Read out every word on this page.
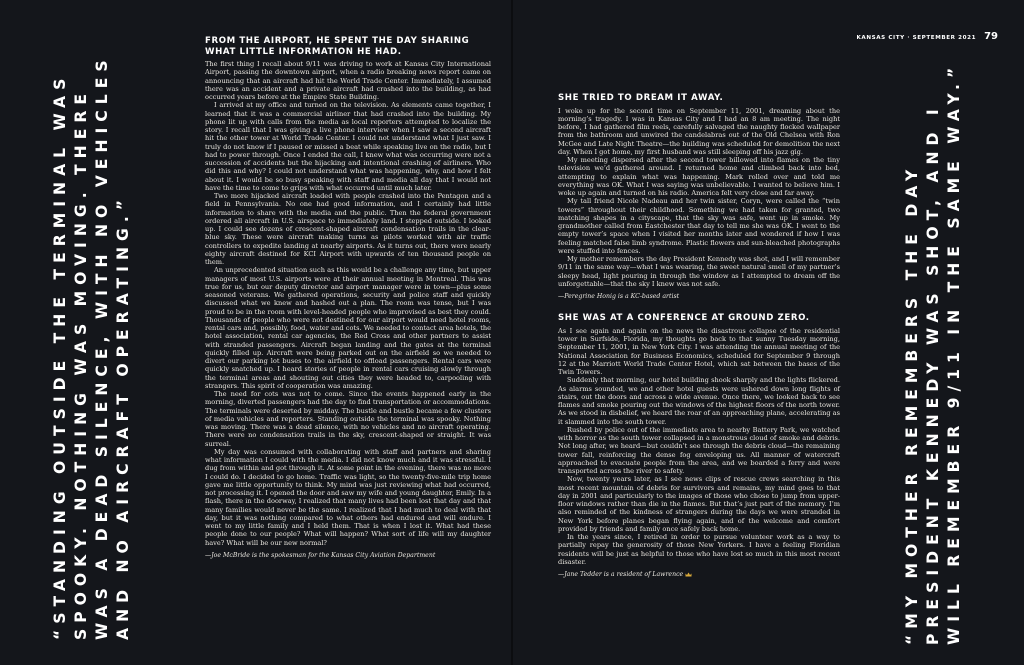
“STANDING OUTSIDE THE TERMINAL WAS SPOOKY. NOTHING WAS MOVING. THERE WAS A DEAD SILENCE, WITH NO VEHICLES AND NO AIRCRAFT OPERATING.”
FROM THE AIRPORT, HE SPENT THE DAY SHARING WHAT LITTLE INFORMATION HE HAD.

The first thing I recall about 9/11 was driving to work at Kansas City International Airport, passing the downtown airport, when a radio breaking news report came on announcing that an aircraft had hit the World Trade Center. Immediately, I assumed there was an accident and a private aircraft had crashed into the building, as had occurred years before at the Empire State Building.

I arrived at my office and turned on the television. As elements came together, I learned that it was a commercial airliner that had crashed into the building. My phone lit up with calls from the media as local reporters attempted to localize the story. I recall that I was giving a live phone interview when I saw a second aircraft hit the other tower at World Trade Center. I could not understand what I just saw. I truly do not know if I paused or missed a beat while speaking live on the radio, but I had to power through. Once I ended the call, I knew what was occurring were not a succession of accidents but the hijacking and intentional crashing of airliners. Who did this and why? I could not understand what was happening, why, and how I felt about it. I would be so busy speaking with staff and media all day that I would not have the time to come to grips with what occurred until much later.

Two more hijacked aircraft loaded with people crashed into the Pentagon and a field in Pennsylvania. No one had good information, and I certainly had little information to share with the media and the public. Then the federal government ordered all aircraft in U.S. airspace to immediately land. I stepped outside. I looked up. I could see dozens of crescent-shaped aircraft condensation trails in the clear-blue sky. These were aircraft making turns as pilots worked with air traffic controllers to expedite landing at nearby airports. As it turns out, there were nearly eighty aircraft destined for KCI Airport with upwards of ten thousand people on them.

An unprecedented situation such as this would be a challenge any time, but upper managers of most U.S. airports were at their annual meeting in Montreal. This was true for us, but our deputy director and airport manager were in town—plus some seasoned veterans. We gathered operations, security and police staff and quickly discussed what we knew and hashed out a plan. The room was tense, but I was proud to be in the room with level-headed people who improvised as best they could. Thousands of people who were not destined for our airport would need hotel rooms, rental cars and, possibly, food, water and cots. We needed to contact area hotels, the hotel association, rental car agencies, the Red Cross and other partners to assist with stranded passengers. Aircraft began landing and the gates at the terminal quickly filled up. Aircraft were being parked out on the airfield so we needed to divert our parking lot buses to the airfield to offload passengers. Rental cars were quickly snatched up. I heard stories of people in rental cars cruising slowly through the terminal areas and shouting out cities they were headed to, carpooling with strangers. This spirit of cooperation was amazing.

The need for cots was not to come. Since the events happened early in the morning, diverted passengers had the day to find transportation or accommodations. The terminals were deserted by midday. The bustle and bustle became a few clusters of media vehicles and reporters. Standing outside the terminal was spooky. Nothing was moving. There was a dead silence, with no vehicles and no aircraft operating. There were no condensation trails in the sky, crescent-shaped or straight. It was surreal.

My day was consumed with collaborating with staff and partners and sharing what information I could with the media. I did not know much and it was stressful. I dug from within and got through it. At some point in the evening, there was no more I could do. I decided to go home. Traffic was light, so the twenty-five-mile trip home gave me little opportunity to think. My mind was just reviewing what had occurred, not processing it. I opened the door and saw my wife and young daughter, Emily. In a flash, there in the doorway, I realized that many lives had been lost that day and that many families would never be the same. I realized that I had much to deal with that day, but it was nothing compared to what others had endured and will endure. I went to my little family and I held them. That is when I lost it. What had these people done to our people? What will happen? What sort of life will my daughter have? What will be our new normal?

—Joe McBride is the spokesman for the Kansas City Aviation Department

SHE TRIED TO DREAM IT AWAY.

I woke up for the second time on September 11, 2001, dreaming about the morning’s tragedy. I was in Kansas City and I had an 8 am meeting. The night before, I had gathered film reels, carefully salvaged the naughty flocked wallpaper from the bathroom and unwired the candelabras out of the Old Chelsea with Ron McGee and Late Night Theatre—the building was scheduled for demolition the next day. When I got home, my first husband was still sleeping off his jazz gig.

My meeting dispersed after the second tower billowed into flames on the tiny television we’d gathered around. I returned home and climbed back into bed, attempting to explain what was happening. Mark rolled over and told me everything was OK. What I was saying was unbelievable. I wanted to believe him. I woke up again and turned on his radio. America felt very close and far away.

My tall friend Nicole Nadeau and her twin sister, Coryn, were called the “twin towers” throughout their childhood. Something we had taken for granted, two matching shapes in a cityscape, that the sky was safe, went up in smoke. My grandmother called from Eastchester that day to tell me she was OK. I went to the empty tower’s space when I visited her months later and wondered if how I was feeling matched false limb syndrome. Plastic flowers and sun-bleached photographs were stuffed into fences.

My mother remembers the day President Kennedy was shot, and I will remember 9/11 in the same way—what I was wearing, the sweet natural smell of my partner’s sleepy head, light pouring in through the window as I attempted to dream off the unforgettable—that the sky I knew was not safe.

—Peregrine Honig is a KC-based artist

SHE WAS AT A CONFERENCE AT GROUND ZERO.

As I see again and again on the news the disastrous collapse of the residential tower in Surfside, Florida, my thoughts go back to that sunny Tuesday morning, September 11, 2001, in New York City. I was attending the annual meeting of the National Association for Business Economics, scheduled for September 9 through 12 at the Marriott World Trade Center Hotel, which sat between the bases of the Twin Towers.

Suddenly that morning, our hotel building shook sharply and the lights flickered. As alarms sounded, we and other hotel guests were ushered down long flights of stairs, out the doors and across a wide avenue. Once there, we looked back to see flames and smoke pouring out the windows of the highest floors of the north tower. As we stood in disbelief, we heard the roar of an approaching plane, accelerating as it slammed into the south tower.

Rushed by police out of the immediate area to nearby Battery Park, we watched with horror as the south tower collapsed in a monstrous cloud of smoke and debris. Not long after, we heard—but couldn’t see through the debris cloud—the remaining tower fall, reinforcing the dense fog enveloping us. All manner of watercraft approached to evacuate people from the area, and we boarded a ferry and were transported across the river to safety.

Now, twenty years later, as I see news clips of rescue crews searching in this most recent mountain of debris for survivors and remains, my mind goes to that day in 2001 and particularly to the images of those who chose to jump from upper-floor windows rather than die in the flames. But that’s just part of the memory. I’m also reminded of the kindness of strangers during the days we were stranded in New York before planes began flying again, and of the welcome and comfort provided by friends and family once safely back home.

In the years since, I retired in order to pursue volunteer work as a way to partially repay the generosity of those New Yorkers. I have a feeling Floridian residents will be just as helpful to those who have lost so much in this most recent disaster.

—Jane Tedder is a resident of Lawrence	“MY MOTHER REMEMBERS THE DAY PRESIDENT KENNEDY WAS SHOT, AND I WILL REMEMBER 9/11 IN THE SAME WAY.”
KANSAS CITY · SEPTEMBER 2021 79
